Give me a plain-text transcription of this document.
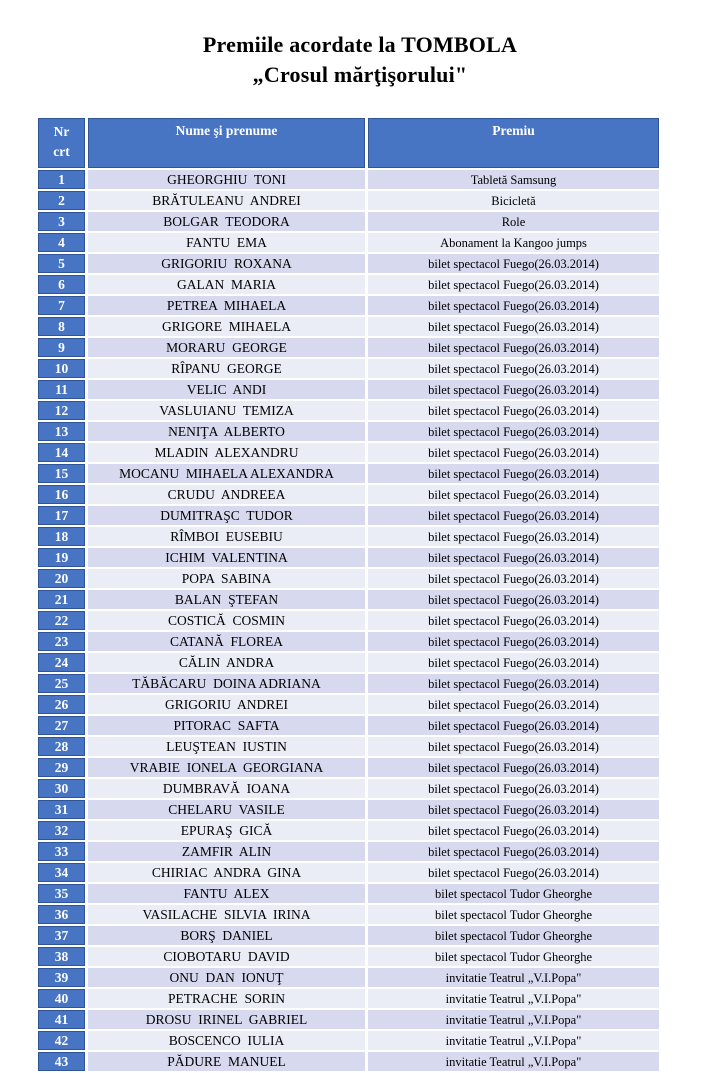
Premiile acordate la TOMBOLA
„Crosul mărţişorului"
Nr
crt	Nume şi prenume	Premiu
1	GHEORGHIU  TONI	Tabletă Samsung
2	BRĂTULEANU  ANDREI	Bicicletă
3	BOLGAR  TEODORA	Role
4	FANTU  EMA	Abonament la Kangoo jumps
5	GRIGORIU  ROXANA	bilet spectacol Fuego(26.03.2014)
6	GALAN  MARIA	bilet spectacol Fuego(26.03.2014)
7	PETREA  MIHAELA	bilet spectacol Fuego(26.03.2014)
8	GRIGORE  MIHAELA	bilet spectacol Fuego(26.03.2014)
9	MORARU  GEORGE	bilet spectacol Fuego(26.03.2014)
10	RÎPANU  GEORGE	bilet spectacol Fuego(26.03.2014)
11	VELIC  ANDI	bilet spectacol Fuego(26.03.2014)
12	VASLUIANU  TEMIZA	bilet spectacol Fuego(26.03.2014)
13	NENIŢA  ALBERTO	bilet spectacol Fuego(26.03.2014)
14	MLADIN  ALEXANDRU	bilet spectacol Fuego(26.03.2014)
15	MOCANU  MIHAELA ALEXANDRA	bilet spectacol Fuego(26.03.2014)
16	CRUDU  ANDREEA	bilet spectacol Fuego(26.03.2014)
17	DUMITRAŞC  TUDOR	bilet spectacol Fuego(26.03.2014)
18	RÎMBOI  EUSEBIU	bilet spectacol Fuego(26.03.2014)
19	ICHIM  VALENTINA	bilet spectacol Fuego(26.03.2014)
20	POPA  SABINA	bilet spectacol Fuego(26.03.2014)
21	BALAN  ŞTEFAN	bilet spectacol Fuego(26.03.2014)
22	COSTICĂ  COSMIN	bilet spectacol Fuego(26.03.2014)
23	CATANĂ  FLOREA	bilet spectacol Fuego(26.03.2014)
24	CĂLIN  ANDRA	bilet spectacol Fuego(26.03.2014)
25	TĂBĂCARU  DOINA ADRIANA	bilet spectacol Fuego(26.03.2014)
26	GRIGORIU  ANDREI	bilet spectacol Fuego(26.03.2014)
27	PITORAC  SAFTA	bilet spectacol Fuego(26.03.2014)
28	LEUŞTEAN  IUSTIN	bilet spectacol Fuego(26.03.2014)
29	VRABIE  IONELA  GEORGIANA	bilet spectacol Fuego(26.03.2014)
30	DUMBRAVĂ  IOANA	bilet spectacol Fuego(26.03.2014)
31	CHELARU  VASILE	bilet spectacol Fuego(26.03.2014)
32	EPURAŞ  GICĂ	bilet spectacol Fuego(26.03.2014)
33	ZAMFIR  ALIN	bilet spectacol Fuego(26.03.2014)
34	CHIRIAC  ANDRA  GINA	bilet spectacol Fuego(26.03.2014)
35	FANTU  ALEX	bilet spectacol Tudor Gheorghe
36	VASILACHE  SILVIA  IRINA	bilet spectacol Tudor Gheorghe
37	BORŞ  DANIEL	bilet spectacol Tudor Gheorghe
38	CIOBOTARU  DAVID	bilet spectacol Tudor Gheorghe
39	ONU  DAN  IONUŢ	invitatie Teatrul „V.I.Popa"
40	PETRACHE  SORIN	invitatie Teatrul „V.I.Popa"
41	DROSU  IRINEL  GABRIEL	invitatie Teatrul „V.I.Popa"
42	BOSCENCO  IULIA	invitatie Teatrul „V.I.Popa"
43	PĂDURE  MANUEL	invitatie Teatrul „V.I.Popa"
